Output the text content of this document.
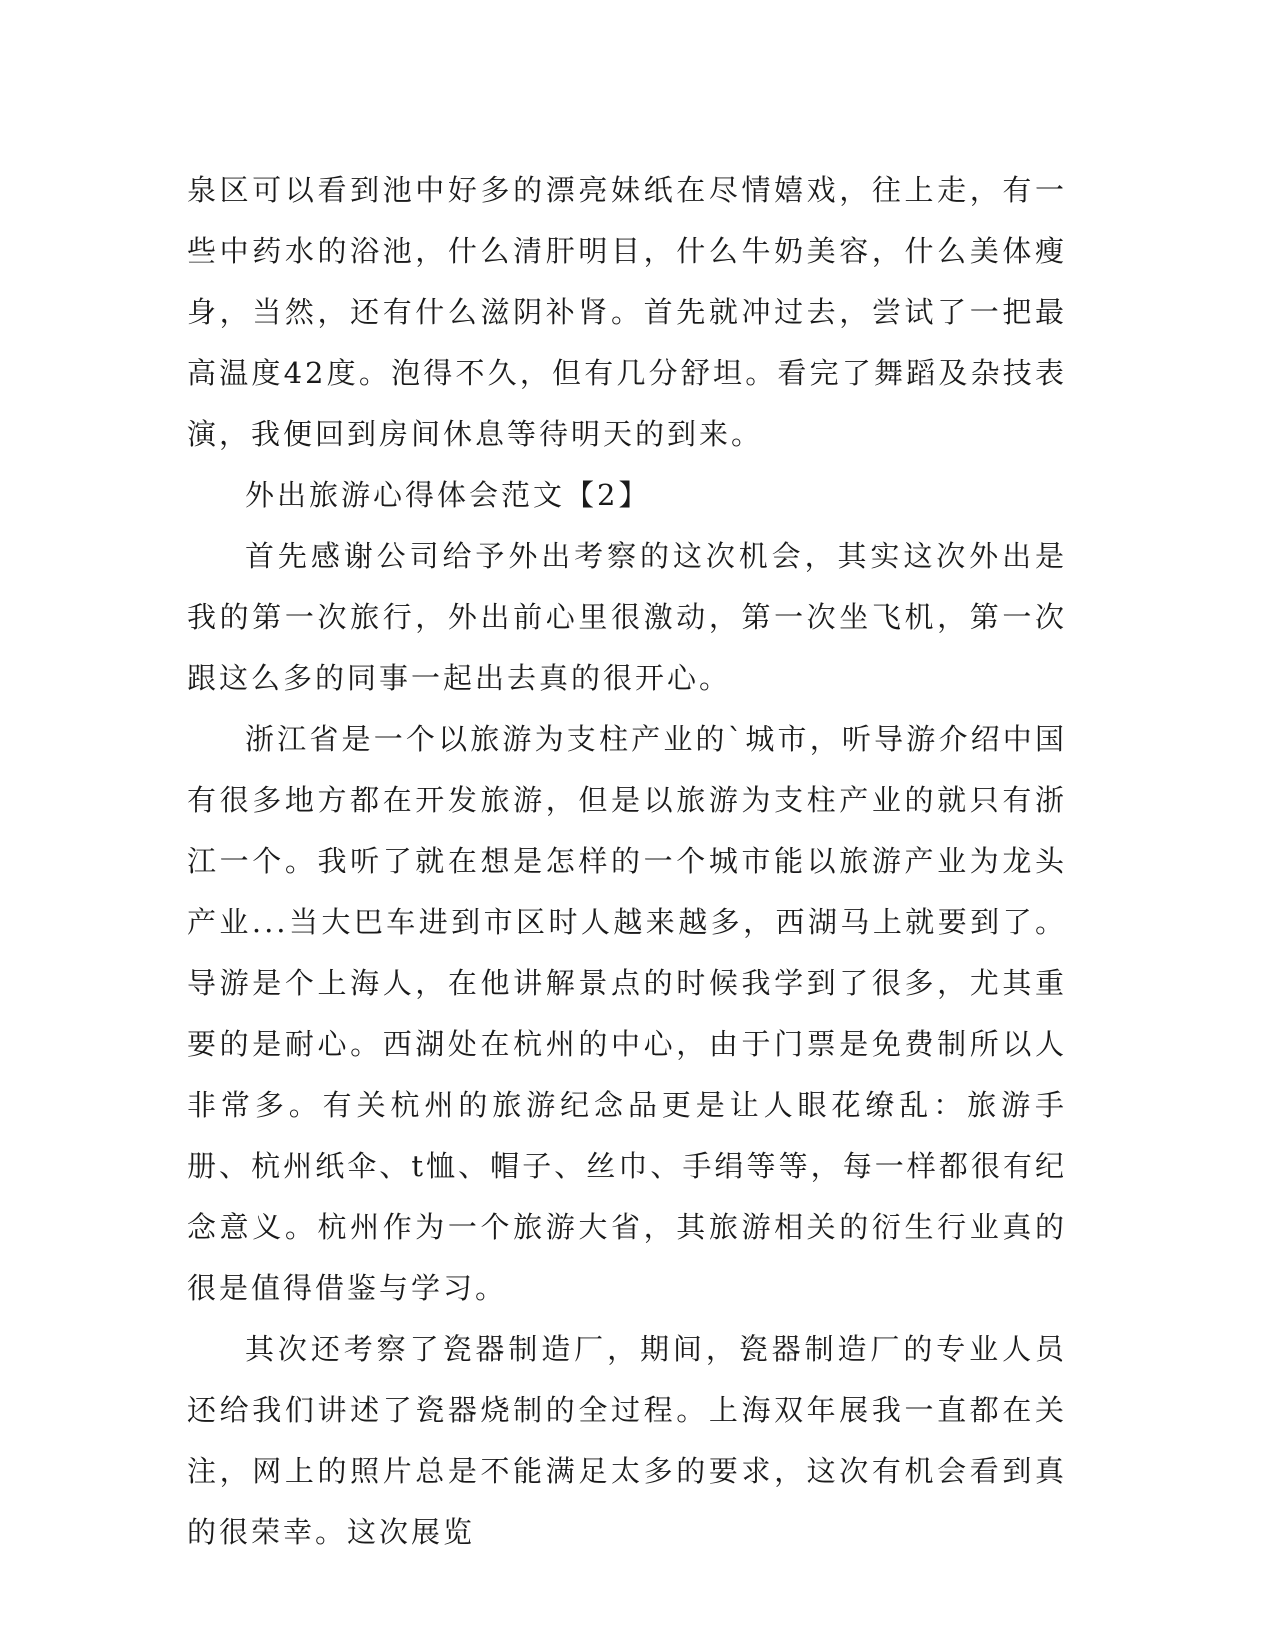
泉区可以看到池中好多的漂亮妹纸在尽情嬉戏，往上走，有一些中药水的浴池，什么清肝明目，什么牛奶美容，什么美体瘦身，当然，还有什么滋阴补肾。首先就冲过去，尝试了一把最高温度42度。泡得不久，但有几分舒坦。看完了舞蹈及杂技表演，我便回到房间休息等待明天的到来。

外出旅游心得体会范文【2】

首先感谢公司给予外出考察的这次机会，其实这次外出是我的第一次旅行，外出前心里很激动，第一次坐飞机，第一次跟这么多的同事一起出去真的很开心。

浙江省是一个以旅游为支柱产业的`城市，听导游介绍中国有很多地方都在开发旅游，但是以旅游为支柱产业的就只有浙江一个。我听了就在想是怎样的一个城市能以旅游产业为龙头产业...当大巴车进到市区时人越来越多，西湖马上就要到了。导游是个上海人，在他讲解景点的时候我学到了很多，尤其重要的是耐心。西湖处在杭州的中心，由于门票是免费制所以人非常多。有关杭州的旅游纪念品更是让人眼花缭乱：旅游手册、杭州纸伞、t恤、帽子、丝巾、手绢等等，每一样都很有纪念意义。杭州作为一个旅游大省，其旅游相关的衍生行业真的很是值得借鉴与学习。

其次还考察了瓷器制造厂，期间，瓷器制造厂的专业人员还给我们讲述了瓷器烧制的全过程。上海双年展我一直都在关注，网上的照片总是不能满足太多的要求，这次有机会看到真的很荣幸。这次展览
